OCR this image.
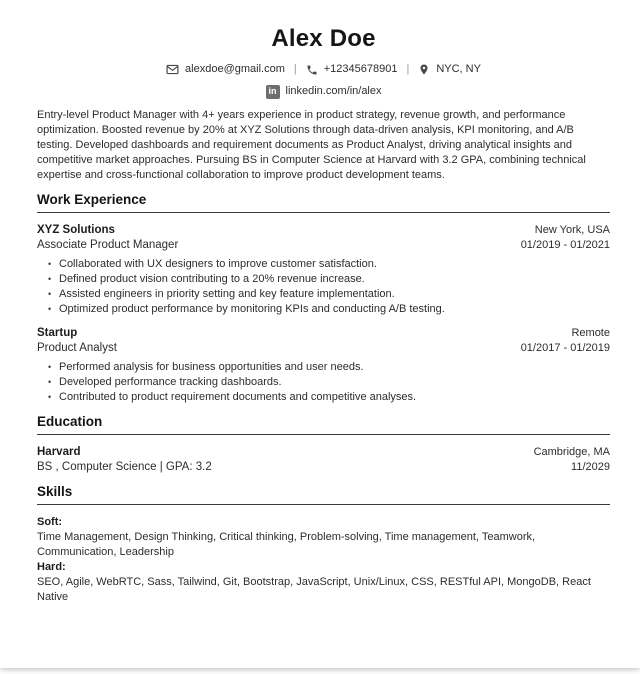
Alex Doe
alexdoe@gmail.com | +12345678901 | NYC, NY
in linkedin.com/in/alex

Entry-level Product Manager with 4+ years experience in product strategy, revenue growth, and performance optimization. Boosted revenue by 20% at XYZ Solutions through data-driven analysis, KPI monitoring, and A/B testing. Developed dashboards and requirement documents as Product Analyst, driving analytical insights and competitive market approaches. Pursuing BS in Computer Science at Harvard with 3.2 GPA, combining technical expertise and cross-functional collaboration to improve product development teams.

Work Experience
XYZ Solutions
Associate Product Manager
New York, USA
01/2019 - 01/2021
• Collaborated with UX designers to improve customer satisfaction.
• Defined product vision contributing to a 20% revenue increase.
• Assisted engineers in priority setting and key feature implementation.
• Optimized product performance by monitoring KPIs and conducting A/B testing.
Startup
Product Analyst
Remote
01/2017 - 01/2019
• Performed analysis for business opportunities and user needs.
• Developed performance tracking dashboards.
• Contributed to product requirement documents and competitive analyses.
Education
Harvard
BS , Computer Science | GPA: 3.2
Cambridge, MA
11/2029
Skills
Soft:
Time Management, Design Thinking, Critical thinking, Problem-solving, Time management, Teamwork, Communication, Leadership
Hard:
SEO, Agile, WebRTC, Sass, Tailwind, Git, Bootstrap, JavaScript, Unix/Linux, CSS, RESTful API, MongoDB, React Native
